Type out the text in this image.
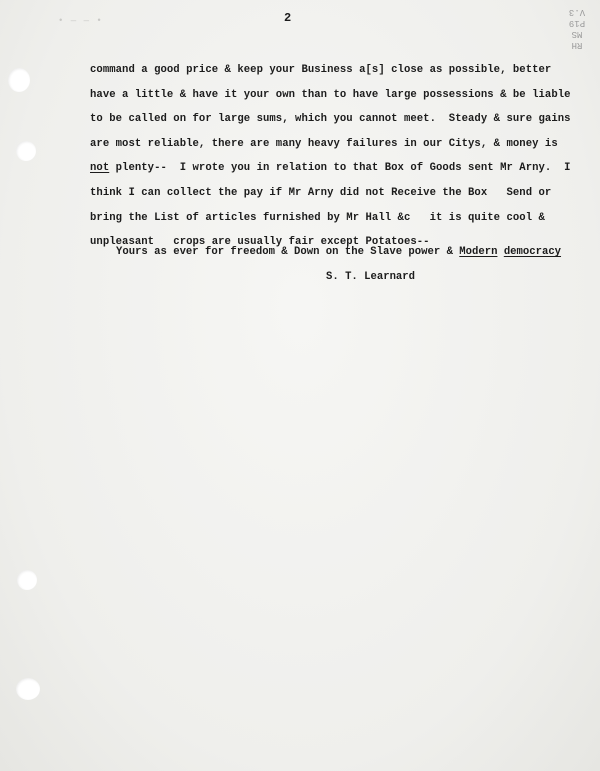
• ― ― •	2
RH
MS
P19
V.3
command a good price & keep your Business a[s] close as possible, better
have a little & have it your own than to have large possessions & be liable
to be called on for large sums, which you cannot meet.  Steady & sure gains
are most reliable, there are many heavy failures in our Citys, & money is
not plenty--  I wrote you in relation to that Box of Goods sent Mr Arny.  I
think I can collect the pay if Mr Arny did not Receive the Box   Send or
bring the List of articles furnished by Mr Hall &c   it is quite cool &
unpleasant   crops are usually fair except Potatoes--
Yours as ever for freedom & Down on the Slave power & Modern democracy
S. T. Learnard
